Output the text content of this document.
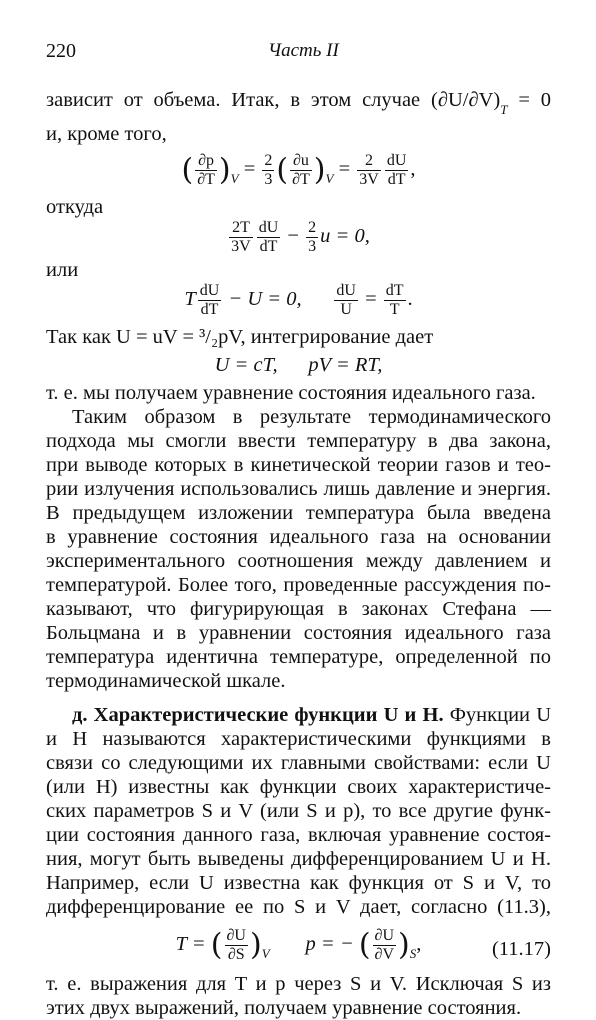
220	Часть II

зависит от объема. Итак, в этом случае $(\partial U/\partial V)_T = 0$

и, кроме того,

( $\frac{\partial p}{\partial T} )_V = \frac{2}{3}$ ( $\frac{\partial u}{\partial T} )_V = \frac{2}{3V} \frac{dU}{dT}$ ,

откуда

$\frac{2T}{3V} \frac{dU}{dT} - \frac{2}{3}$ u = 0,

или

T $\frac{dU}{dT} - U = 0$, $\frac{dU}{U} = \frac{dT}{T}$ .

Так как U = uV = ³/₂pV, интегрирование дает

U = cT,      pV = RT,

т. е. мы получаем уравнение состояния идеального газа.

Таким образом в результате термодинамического

подхода мы смогли ввести температуру в два закона,

при выводе которых в кинетической теории газов и тео-

рии излучения использовались лишь давление и энергия.

В предыдущем изложении температура была введена

в уравнение состояния идеального газа на основании

экспериментального соотношения между давлением и

температурой. Более того, проведенные рассуждения по-

казывают, что фигурирующая в законах Стефана —

Больцмана и в уравнении состояния идеального газа

температура идентична температуре, определенной по

термодинамической шкале.

д. Характеристические функции U и H. Функции U

и H называются характеристическими функциями в

связи со следующими их главными свойствами: если U

(или H) известны как функции своих характеристиче-

ских параметров S и V (или S и p), то все другие функ-

ции состояния данного газа, включая уравнение состоя-

ния, могут быть выведены дифференцированием U и H.

Например, если U известна как функция от S и V, то

дифференцирование ее по S и V дает, согласно (11.3),

T = ( $\frac{\partial U}{\partial S} )_V$ p = − ( $\frac{\partial U}{\partial V} )_S$,	(11.17)

т. е. выражения для T и p через S и V. Исключая S из

этих двух выражений, получаем уравнение состояния.
